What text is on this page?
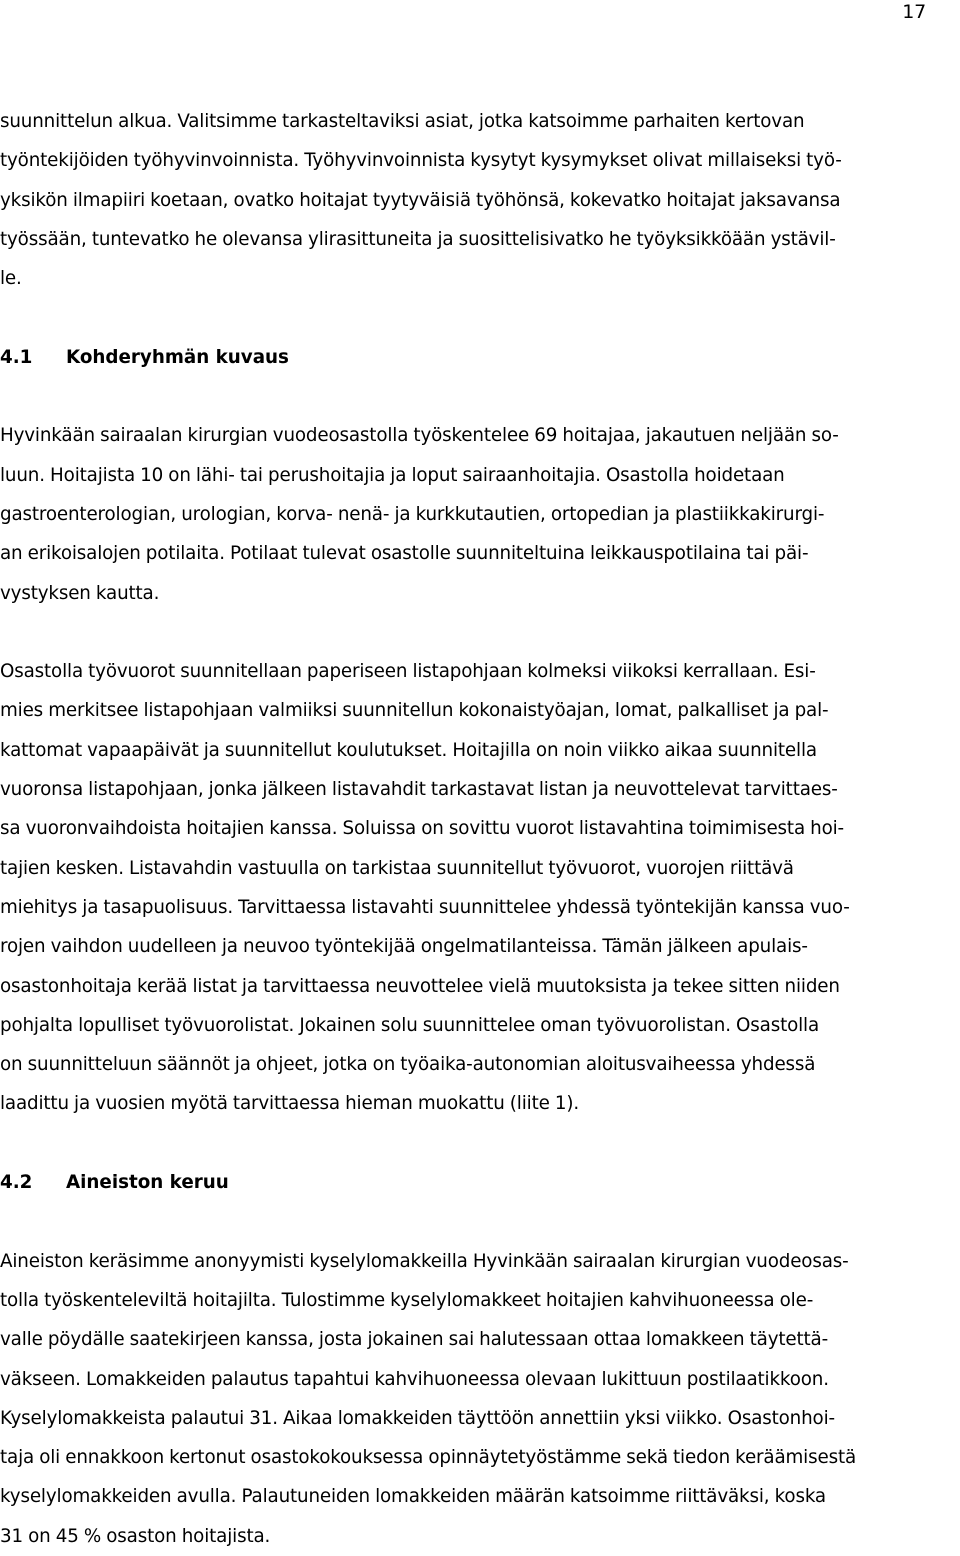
17

suunnittelun alkua. Valitsimme tarkasteltaviksi asiat, jotka katsoimme parhaiten kertovan
työntekijöiden työhyvinvoinnista. Työhyvinvoinnista kysytyt kysymykset olivat millaiseksi työ-
yksikön ilmapiiri koetaan, ovatko hoitajat tyytyväisiä työhönsä, kokevatko hoitajat jaksavansa
työssään, tuntevatko he olevansa ylirasittuneita ja suosittelisivatko he työyksikköään ystävil-
le.

4.1 Kohderyhmän kuvaus

Hyvinkään sairaalan kirurgian vuodeosastolla työskentelee 69 hoitajaa, jakautuen neljään so-
luun. Hoitajista 10 on lähi- tai perushoitajia ja loput sairaanhoitajia. Osastolla hoidetaan
gastroenterologian, urologian, korva- nenä- ja kurkkutautien, ortopedian ja plastiikkakirurgi-
an erikoisalojen potilaita. Potilaat tulevat osastolle suunniteltuina leikkauspotilaina tai päi-
vystyksen kautta.

Osastolla työvuorot suunnitellaan paperiseen listapohjaan kolmeksi viikoksi kerrallaan. Esi-
mies merkitsee listapohjaan valmiiksi suunnitellun kokonaistyöajan, lomat, palkalliset ja pal-
kattomat vapaapäivät ja suunnitellut koulutukset. Hoitajilla on noin viikko aikaa suunnitella
vuoronsa listapohjaan, jonka jälkeen listavahdit tarkastavat listan ja neuvottelevat tarvittaes-
sa vuoronvaihdoista hoitajien kanssa. Soluissa on sovittu vuorot listavahtina toimimisesta hoi-
tajien kesken. Listavahdin vastuulla on tarkistaa suunnitellut työvuorot, vuorojen riittävä
miehitys ja tasapuolisuus. Tarvittaessa listavahti suunnittelee yhdessä työntekijän kanssa vuo-
rojen vaihdon uudelleen ja neuvoo työntekijää ongelmatilanteissa. Tämän jälkeen apulais-
osastonhoitaja kerää listat ja tarvittaessa neuvottelee vielä muutoksista ja tekee sitten niiden
pohjalta lopulliset työvuorolistat. Jokainen solu suunnittelee oman työvuorolistan. Osastolla
on suunnitteluun säännöt ja ohjeet, jotka on työaika-autonomian aloitusvaiheessa yhdessä
laadittu ja vuosien myötä tarvittaessa hieman muokattu (liite 1).

4.2 Aineiston keruu

Aineiston keräsimme anonyymisti kyselylomakkeilla Hyvinkään sairaalan kirurgian vuodeosas-
tolla työskenteleviltä hoitajilta. Tulostimme kyselylomakkeet hoitajien kahvihuoneessa ole-
valle pöydälle saatekirjeen kanssa, josta jokainen sai halutessaan ottaa lomakkeen täytettä-
väkseen. Lomakkeiden palautus tapahtui kahvihuoneessa olevaan lukittuun postilaatikkoon.
Kyselylomakkeista palautui 31. Aikaa lomakkeiden täyttöön annettiin yksi viikko. Osastonhoi-
taja oli ennakkoon kertonut osastokokouksessa opinnäytetyöstämme sekä tiedon keräämisestä
kyselylomakkeiden avulla. Palautuneiden lomakkeiden määrän katsoimme riittäväksi, koska
31 on 45 % osaston hoitajista.
